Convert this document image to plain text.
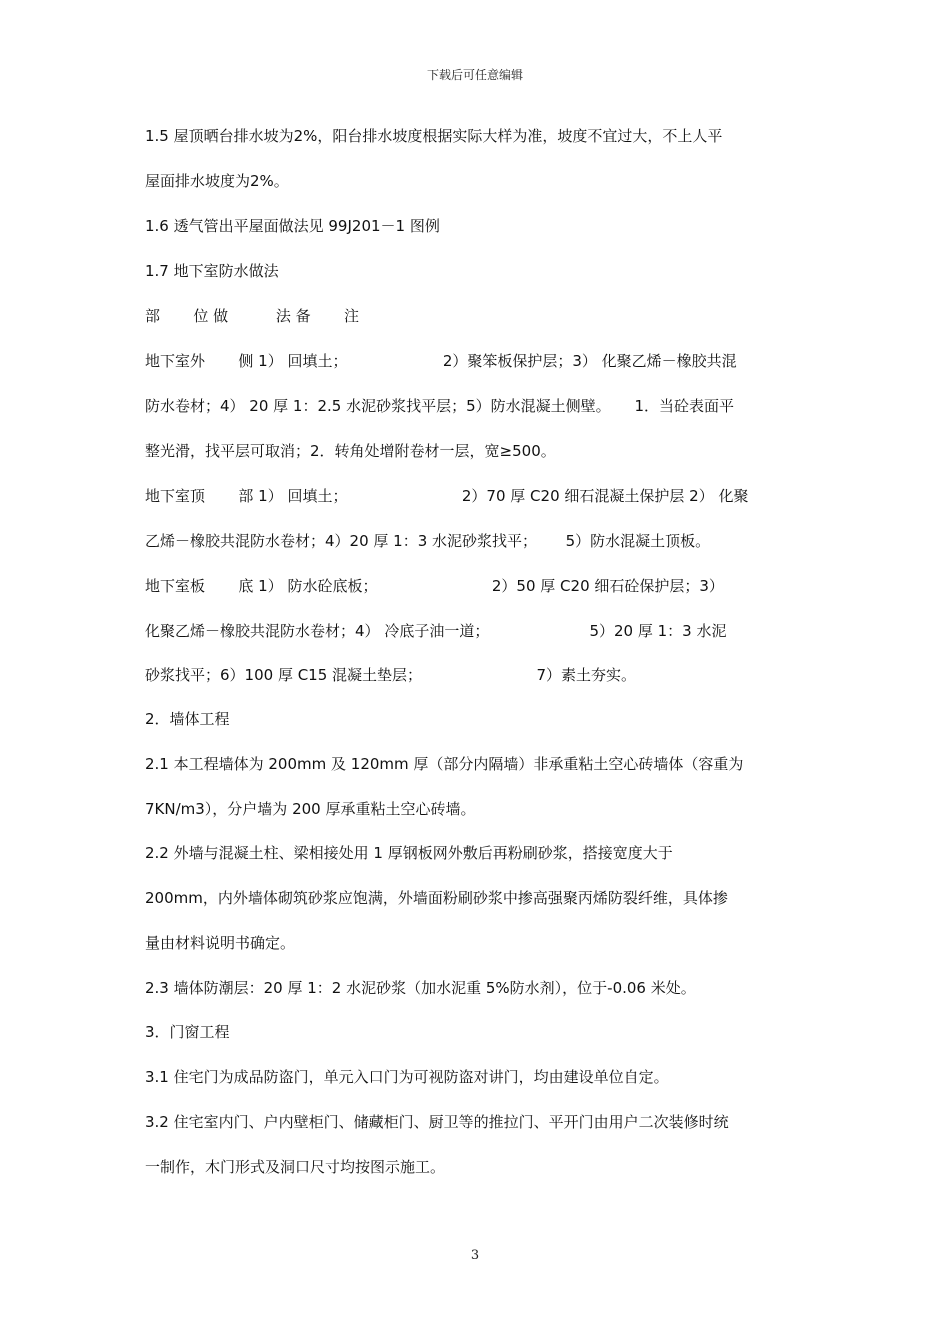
下载后可任意编辑
1.5 屋顶晒台排水坡为2%，阳台排水坡度根据实际大样为准，坡度不宜过大，不上人平
屋面排水坡度为2%。
1.6 透气管出平屋面做法见 99J201－1 图例
1.7 地下室防水做法
部       位 做          法 备       注
地下室外       侧 1） 回填土；                    2）聚笨板保护层；3） 化聚乙烯－橡胶共混
防水卷材；4） 20 厚 1：2.5 水泥砂浆找平层；5）防水混凝土侧壁。     1．当砼表面平
整光滑，找平层可取消；2．转角处增附卷材一层，宽≥500。
地下室顶       部 1） 回填土；                        2）70 厚 C20 细石混凝土保护层 2） 化聚
乙烯－橡胶共混防水卷材；4）20 厚 1：3 水泥砂浆找平；      5）防水混凝土顶板。
地下室板       底 1） 防水砼底板；                        2）50 厚 C20 细石砼保护层；3）
化聚乙烯－橡胶共混防水卷材；4） 冷底子油一道；                     5）20 厚 1：3 水泥
砂浆找平；6）100 厚 C15 混凝土垫层；                        7）素土夯实。
2．墙体工程
2.1 本工程墙体为 200mm 及 120mm 厚（部分内隔墙）非承重粘土空心砖墙体（容重为
7KN/m3），分户墙为 200 厚承重粘土空心砖墙。
2.2 外墙与混凝土柱、梁相接处用 1 厚钢板网外敷后再粉刷砂浆，搭接宽度大于
200mm，内外墙体砌筑砂浆应饱满，外墙面粉刷砂浆中掺高强聚丙烯防裂纤维，具体掺
量由材料说明书确定。
2.3 墙体防潮层：20 厚 1：2 水泥砂浆（加水泥重 5%防水剂），位于-0.06 米处。
3．门窗工程
3.1 住宅门为成品防盗门，单元入口门为可视防盗对讲门，均由建设单位自定。
3.2 住宅室内门、户内壁柜门、储藏柜门、厨卫等的推拉门、平开门由用户二次装修时统
一制作，木门形式及洞口尺寸均按图示施工。
3
